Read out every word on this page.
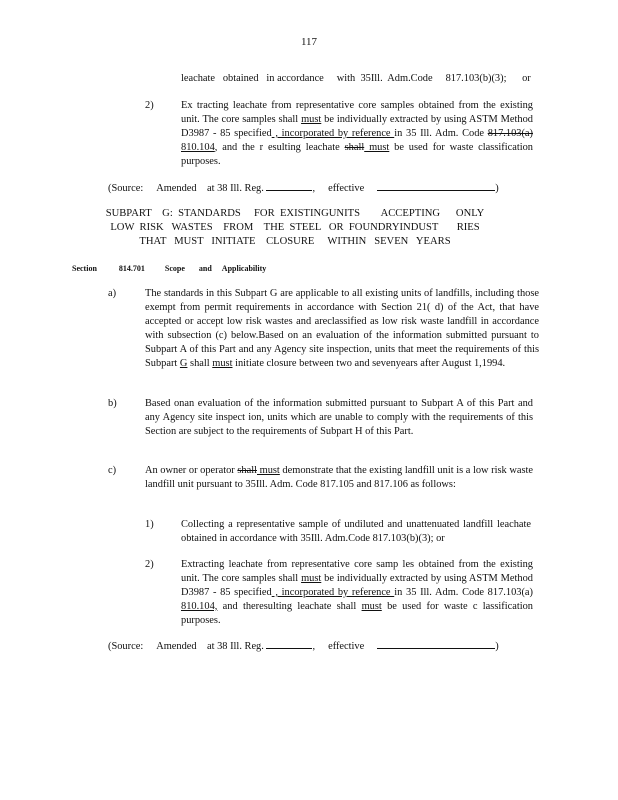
117
leachate   obtained   in accordance     with  35Ill.  Adm.Code     817.103(b)(3);      or
2)	Ex tracting leachate from representative core samples obtained from the existing unit. The core samples shall must be individually extracted by using ASTM Method D3987 - 85 specified , incorporated by reference in 35 Ill. Adm. Code 817.103(a) 810.104, and the r esulting leachate shall must be used for waste classification purposes.
(Source: Amended at 38 Ill. Reg.	, effective	)
SUBPART    G:  STANDARDS     FOR  EXISTINGUNITS        ACCEPTING      ONLY
LOW  RISK   WASTES    FROM    THE  STEEL   OR  FOUNDRYINDUST       RIES
THAT   MUST   INITIATE    CLOSURE     WITHIN   SEVEN   YEARS
Section	814.701	Scope and Applicability
a)	The standards in this Subpart G are applicable to all existing units of landfills, including those exempt from permit requirements in accordance with Section 21( d) of the Act, that have accepted or accept low risk wastes and areclassified as low risk waste landfill in accordance with subsection (c) below.Based on an evaluation of the information submitted pursuant to Subpart A of this Part and any Agency site inspection, units that meet the requirements of this Subpart G shall must initiate closure between two and sevenyears after August 1,1994.
b)	Based onan evaluation of the information submitted pursuant to Subpart A of this Part and any Agency site inspect ion, units which are unable to comply with the requirements of this Section are subject to the requirements of Subpart H of this Part.
c)	An owner or operator shall must demonstrate that the existing landfill unit is a low risk waste landfill unit pursuant to 35Ill. Adm. Code 817.105 and 817.106 as follows:
1)	Collecting a representative sample of undiluted and unattenuated landfill leachate obtained in accordance with 35Ill. Adm.Code 817.103(b)(3); or
2)	Extracting leachate from representative core samp les obtained from the existing unit. The core samples shall must be individually extracted by using ASTM Method D3987 - 85 specified , incorporated by reference in 35 Ill. Adm. Code 817.103(a) 810.104, and theresulting leachate shall must be used for waste c lassification purposes.
(Source: Amended at 38 Ill. Reg.	, effective	)
